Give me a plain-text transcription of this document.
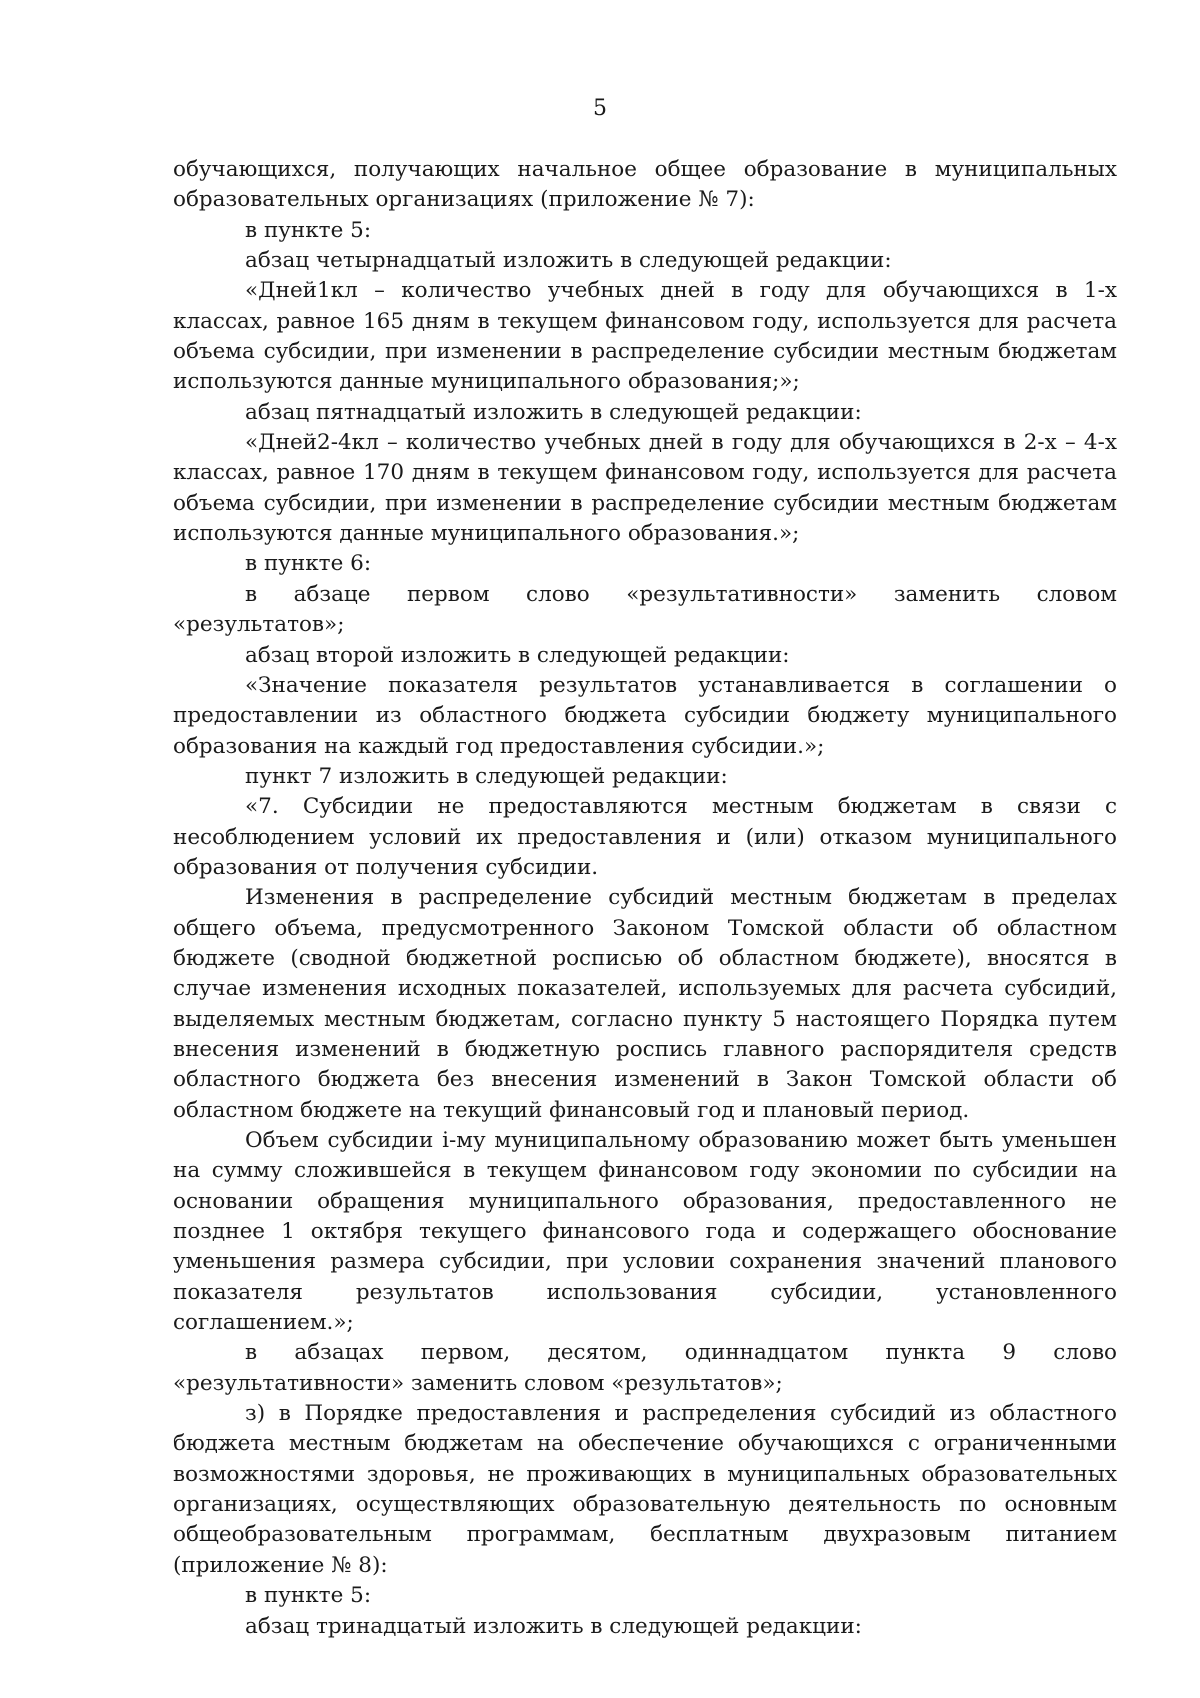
5

обучающихся, получающих начальное общее образование в муниципальных образовательных организациях (приложение № 7):

в пункте 5:

абзац четырнадцатый изложить в следующей редакции:

«Дней1кл – количество учебных дней в году для обучающихся в 1-х классах, равное 165 дням в текущем финансовом году, используется для расчета объема субсидии, при изменении в распределение субсидии местным бюджетам используются данные муниципального образования;»;

абзац пятнадцатый изложить в следующей редакции:

«Дней2-4кл – количество учебных дней в году для обучающихся в 2-х – 4-х классах, равное 170 дням в текущем финансовом году, используется для расчета объема субсидии, при изменении в распределение субсидии местным бюджетам используются данные муниципального образования.»;

в пункте 6:

в абзаце первом слово «результативности» заменить словом «результатов»;

абзац второй изложить в следующей редакции:

«Значение показателя результатов устанавливается в соглашении о предоставлении из областного бюджета субсидии бюджету муниципального образования на каждый год предоставления субсидии.»;

пункт 7 изложить в следующей редакции:

«7. Субсидии не предоставляются местным бюджетам в связи с несоблюдением условий их предоставления и (или) отказом муниципального образования от получения субсидии.

Изменения в распределение субсидий местным бюджетам в пределах общего объема, предусмотренного Законом Томской области об областном бюджете (сводной бюджетной росписью об областном бюджете), вносятся в случае изменения исходных показателей, используемых для расчета субсидий, выделяемых местным бюджетам, согласно пункту 5 настоящего Порядка путем внесения изменений в бюджетную роспись главного распорядителя средств областного бюджета без внесения изменений в Закон Томской области об областном бюджете на текущий финансовый год и плановый период.

Объем субсидии i-му муниципальному образованию может быть уменьшен на сумму сложившейся в текущем финансовом году экономии по субсидии на основании обращения муниципального образования, предоставленного не позднее 1 октября текущего финансового года и содержащего обоснование уменьшения размера субсидии, при условии сохранения значений планового показателя результатов использования субсидии, установленного соглашением.»;

в абзацах первом, десятом, одиннадцатом пункта 9 слово «результативности» заменить словом «результатов»;

з) в Порядке предоставления и распределения субсидий из областного бюджета местным бюджетам на обеспечение обучающихся с ограниченными возможностями здоровья, не проживающих в муниципальных образовательных организациях, осуществляющих образовательную деятельность по основным общеобразовательным программам, бесплатным двухразовым питанием (приложение № 8):

в пункте 5:

абзац тринадцатый изложить в следующей редакции:
